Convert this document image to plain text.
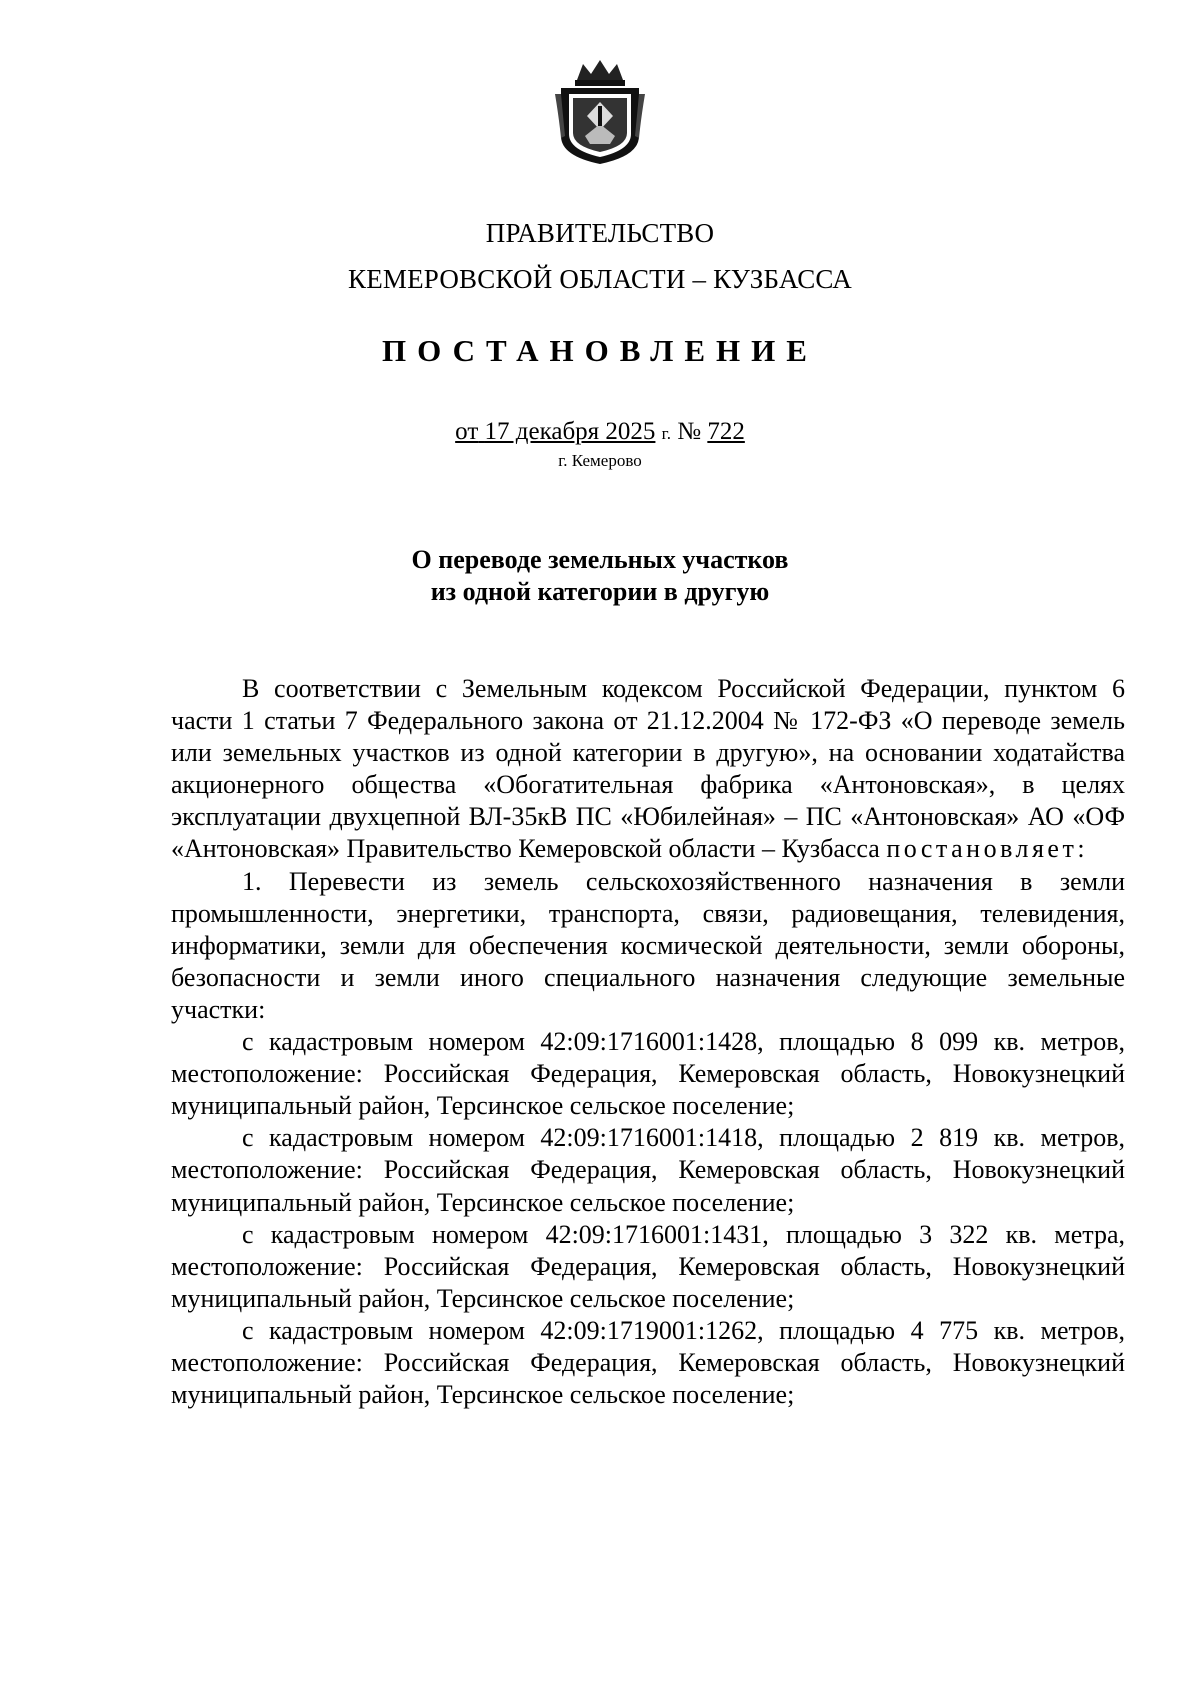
ПРАВИТЕЛЬСТВО
КЕМЕРОВСКОЙ ОБЛАСТИ – КУЗБАССА
ПОСТАНОВЛЕНИЕ
от 17 декабря 2025 г. № 722
г. Кемерово
О переводе земельных участков
из одной категории в другую

В соответствии с Земельным кодексом Российской Федерации, пунктом 6 части 1 статьи 7 Федерального закона от 21.12.2004 № 172-ФЗ «О переводе земель или земельных участков из одной категории в другую», на основании ходатайства акционерного общества «Обогатительная фабрика «Антоновская», в целях эксплуатации двухцепной ВЛ-35кВ ПС «Юбилейная» – ПС «Антоновская» АО «ОФ «Антоновская» Правительство Кемеровской области – Кузбасса постановляет:

1. Перевести из земель сельскохозяйственного назначения в земли промышленности, энергетики, транспорта, связи, радиовещания, телевидения, информатики, земли для обеспечения космической деятельности, земли обороны, безопасности и земли иного специального назначения следующие земельные участки:

с кадастровым номером 42:09:1716001:1428, площадью 8 099 кв. метров, местоположение: Российская Федерация, Кемеровская область, Новокузнецкий муниципальный район, Терсинское сельское поселение;

с кадастровым номером 42:09:1716001:1418, площадью 2 819 кв. метров, местоположение: Российская Федерация, Кемеровская область, Новокузнецкий муниципальный район, Терсинское сельское поселение;

с кадастровым номером 42:09:1716001:1431, площадью 3 322 кв. метра, местоположение: Российская Федерация, Кемеровская область, Новокузнецкий муниципальный район, Терсинское сельское поселение;

с кадастровым номером 42:09:1719001:1262, площадью 4 775 кв. метров, местоположение: Российская Федерация, Кемеровская область, Новокузнецкий муниципальный район, Терсинское сельское поселение;
